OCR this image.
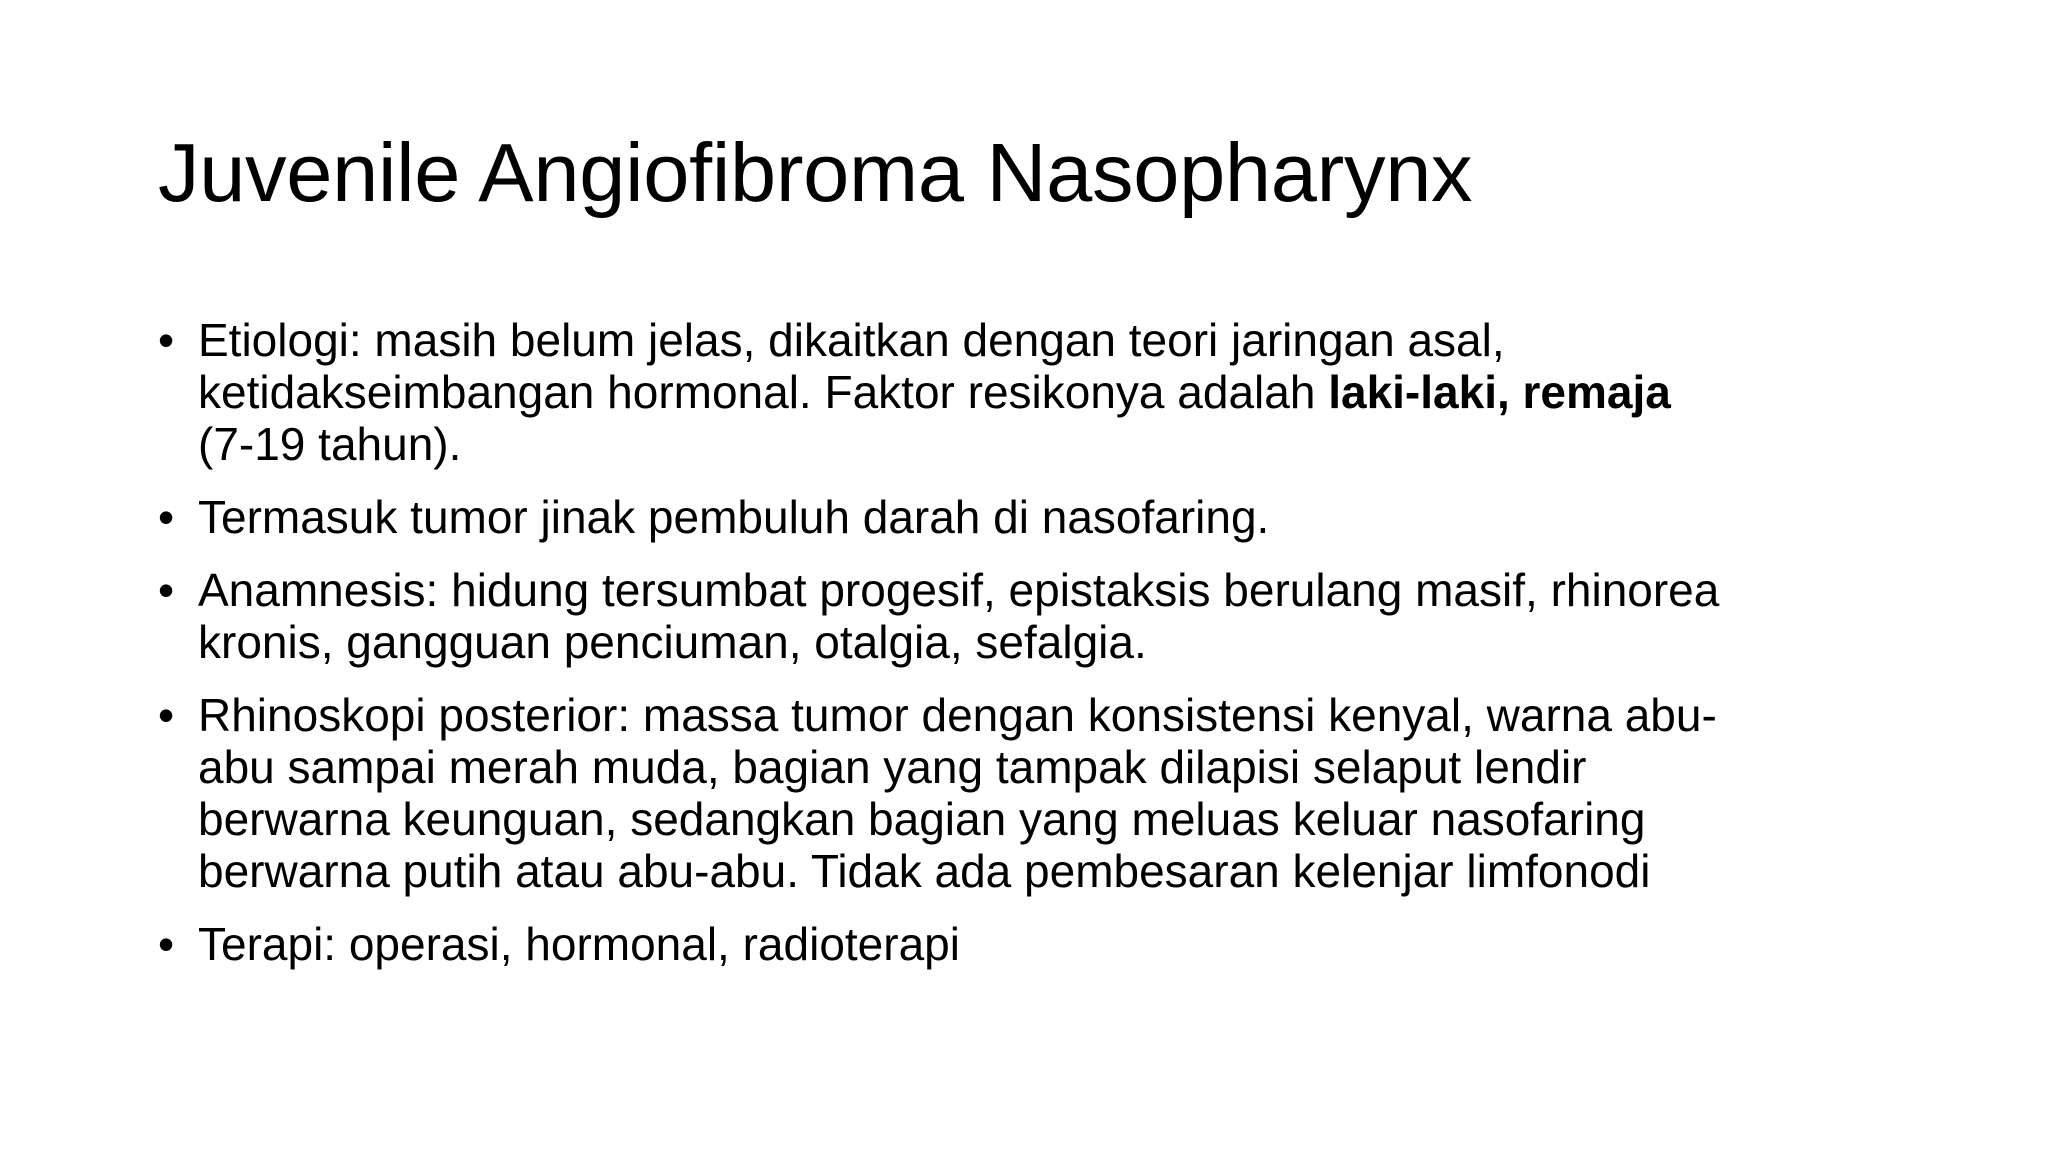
Juvenile Angiofibroma Nasopharynx
• Etiologi: masih belum jelas, dikaitkan dengan teori jaringan asal,
ketidakseimbangan hormonal. Faktor resikonya adalah laki-laki, remaja
(7-19 tahun).
• Termasuk tumor jinak pembuluh darah di nasofaring.
• Anamnesis: hidung tersumbat progesif, epistaksis berulang masif, rhinorea
kronis, gangguan penciuman, otalgia, sefalgia.
• Rhinoskopi posterior: massa tumor dengan konsistensi kenyal, warna abu-
abu sampai merah muda, bagian yang tampak dilapisi selaput lendir
berwarna keunguan, sedangkan bagian yang meluas keluar nasofaring
berwarna putih atau abu-abu. Tidak ada pembesaran kelenjar limfonodi
• Terapi: operasi, hormonal, radioterapi
